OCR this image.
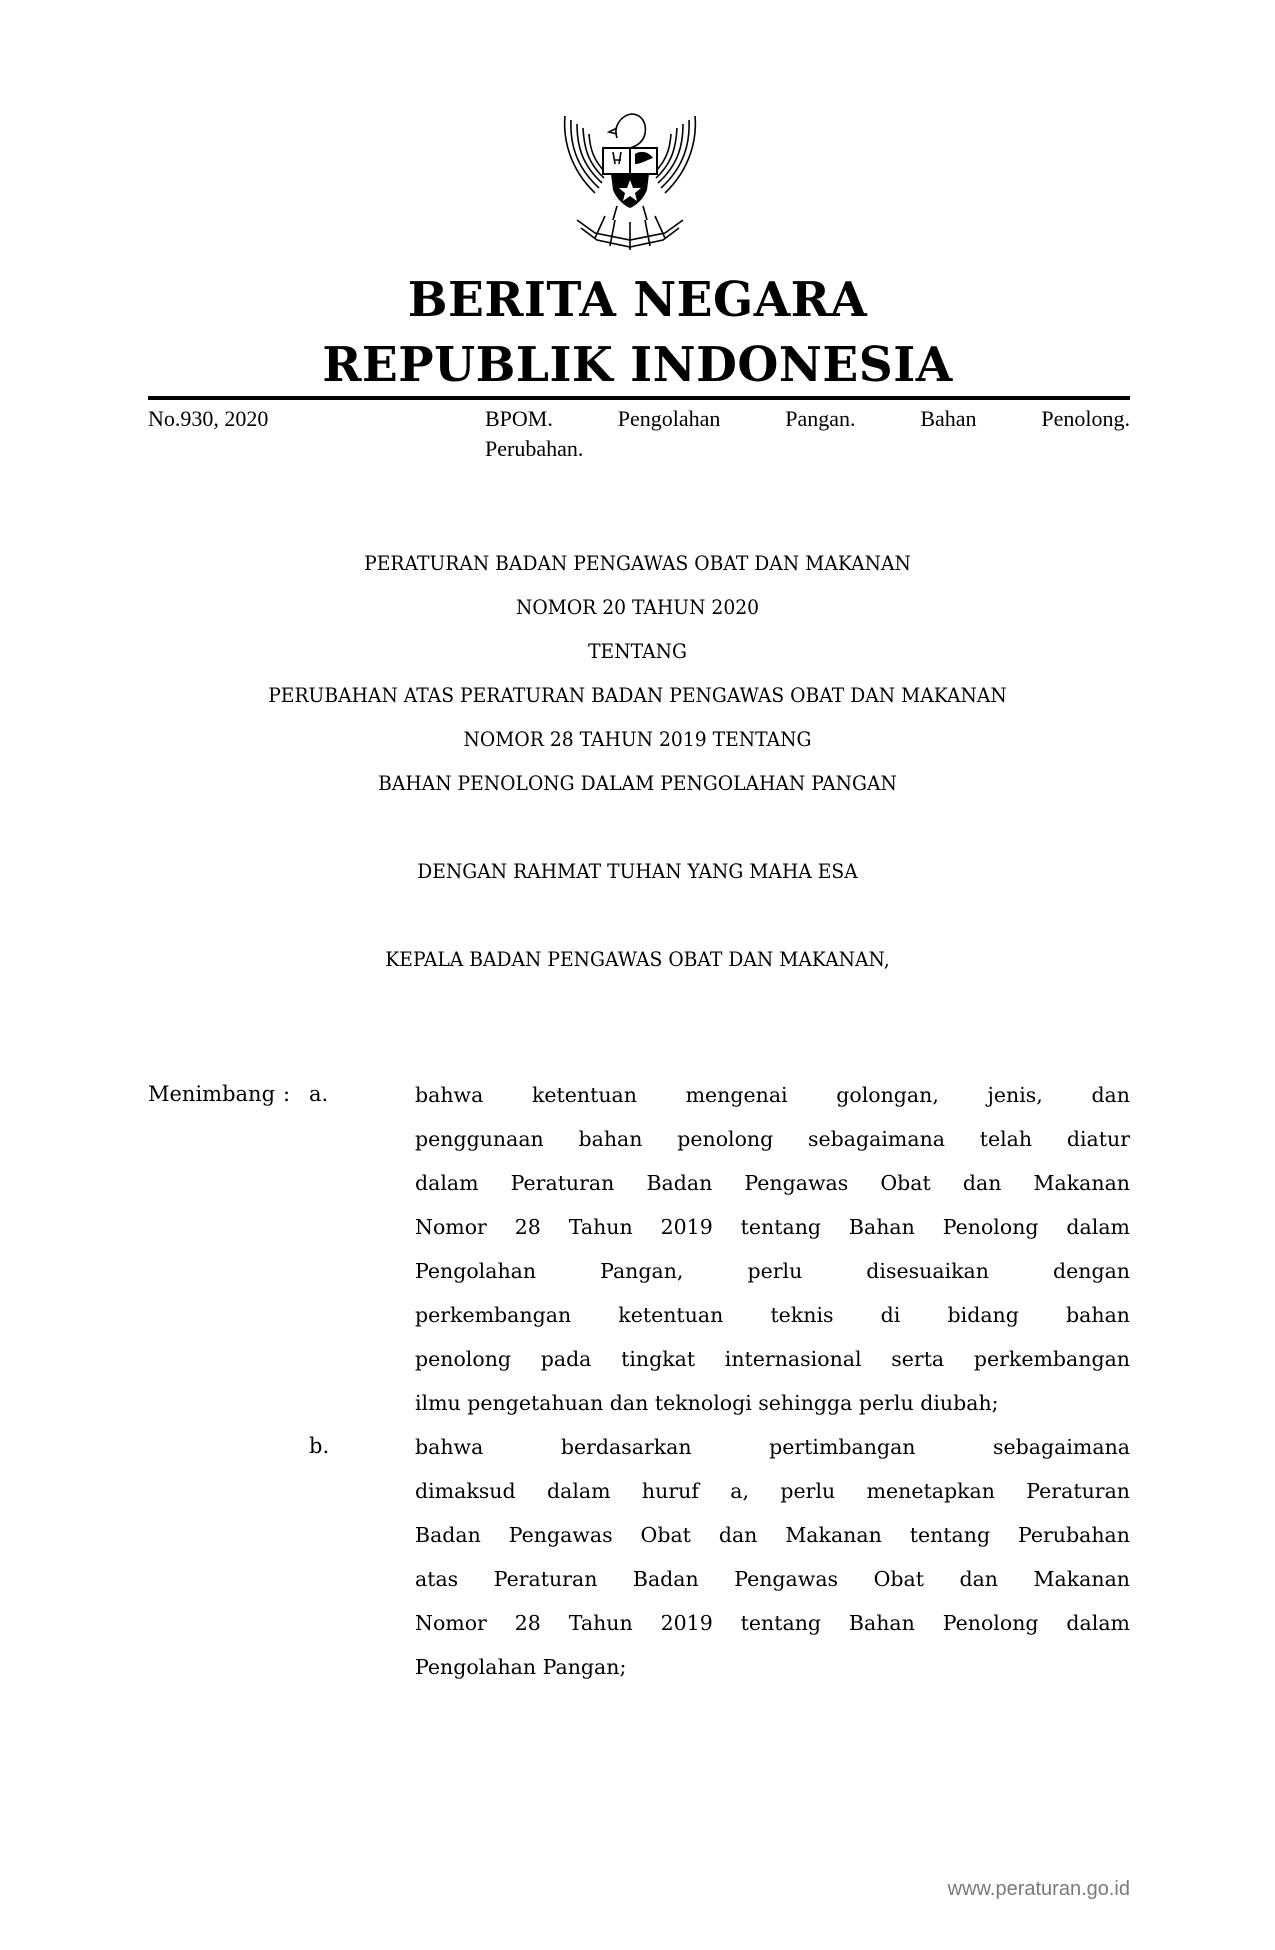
BERITA NEGARA
REPUBLIK INDONESIA
No.930, 2020	BPOM. Pengolahan Pangan. Bahan Penolong.
Perubahan.
PERATURAN BADAN PENGAWAS OBAT DAN MAKANAN
NOMOR 20 TAHUN 2020
TENTANG
PERUBAHAN ATAS PERATURAN BADAN PENGAWAS OBAT DAN MAKANAN
NOMOR 28 TAHUN 2019 TENTANG
BAHAN PENOLONG DALAM PENGOLAHAN PANGAN
DENGAN RAHMAT TUHAN YANG MAHA ESA
KEPALA BADAN PENGAWAS OBAT DAN MAKANAN,
Menimbang : a.	bahwa ketentuan mengenai golongan, jenis, dan
penggunaan bahan penolong sebagaimana telah diatur
dalam Peraturan Badan Pengawas Obat dan Makanan
Nomor 28 Tahun 2019 tentang Bahan Penolong dalam
Pengolahan Pangan, perlu disesuaikan dengan
perkembangan ketentuan teknis di bidang bahan
penolong pada tingkat internasional serta perkembangan
ilmu pengetahuan dan teknologi sehingga perlu diubah;
b.	bahwa berdasarkan pertimbangan sebagaimana
dimaksud dalam huruf a, perlu menetapkan Peraturan
Badan Pengawas Obat dan Makanan tentang Perubahan
atas Peraturan Badan Pengawas Obat dan Makanan
Nomor 28 Tahun 2019 tentang Bahan Penolong dalam
Pengolahan Pangan;
www.peraturan.go.id
